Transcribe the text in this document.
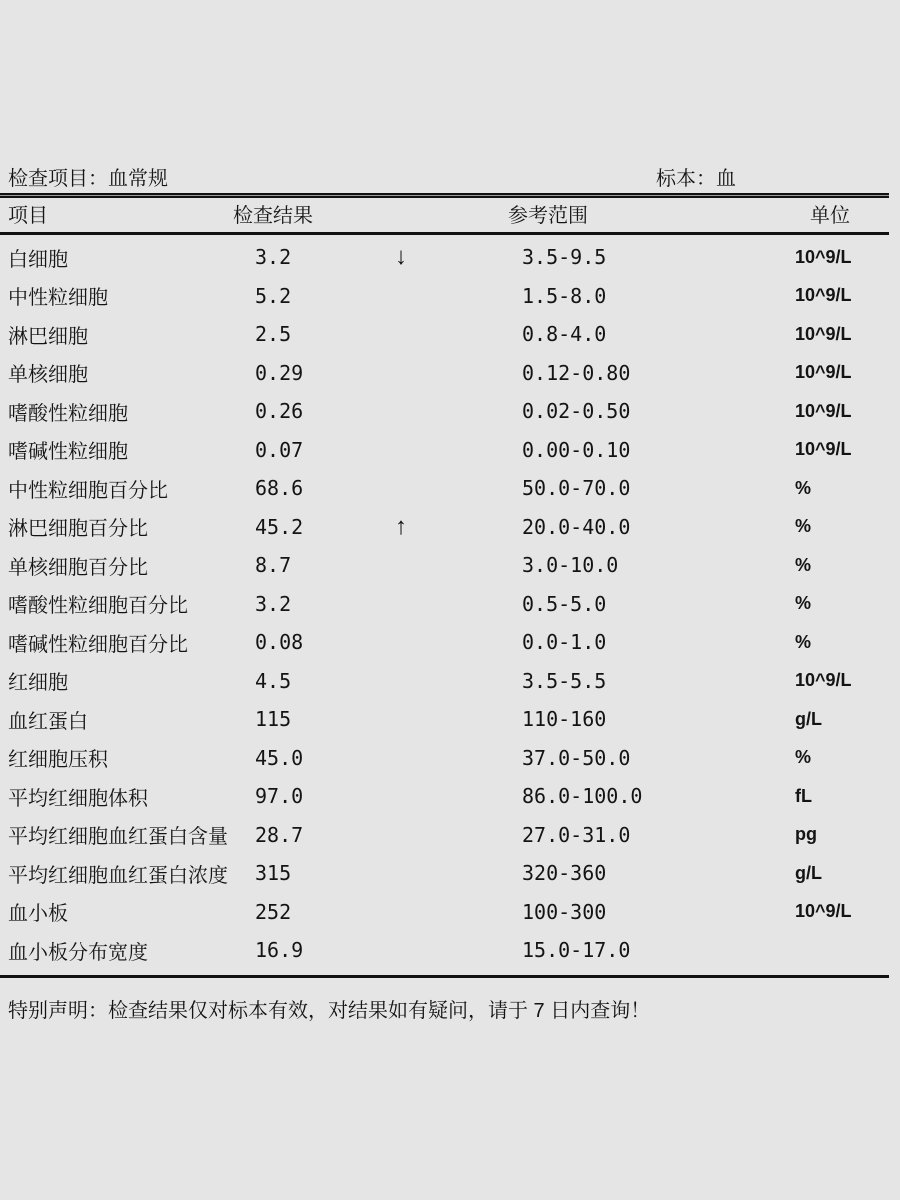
检查项目：血常规	标本：血
项目	检查结果	参考范围	单位
白细胞	3.2	↓	3.5-9.5	10^9/L
中性粒细胞	5.2	1.5-8.0	10^9/L
淋巴细胞	2.5	0.8-4.0	10^9/L
单核细胞	0.29	0.12-0.80	10^9/L
嗜酸性粒细胞	0.26	0.02-0.50	10^9/L
嗜碱性粒细胞	0.07	0.00-0.10	10^9/L
中性粒细胞百分比	68.6	50.0-70.0	%
淋巴细胞百分比	45.2	↑	20.0-40.0	%
单核细胞百分比	8.7	3.0-10.0	%
嗜酸性粒细胞百分比	3.2	0.5-5.0	%
嗜碱性粒细胞百分比	0.08	0.0-1.0	%
红细胞	4.5	3.5-5.5	10^9/L
血红蛋白	115	110-160	g/L
红细胞压积	45.0	37.0-50.0	%
平均红细胞体积	97.0	86.0-100.0	fL
平均红细胞血红蛋白含量	28.7	27.0-31.0	pg
平均红细胞血红蛋白浓度	315	320-360	g/L
血小板	252	100-300	10^9/L
血小板分布宽度	16.9	15.0-17.0
特别声明：检查结果仅对标本有效，对结果如有疑问，请于 7 日内查询！
